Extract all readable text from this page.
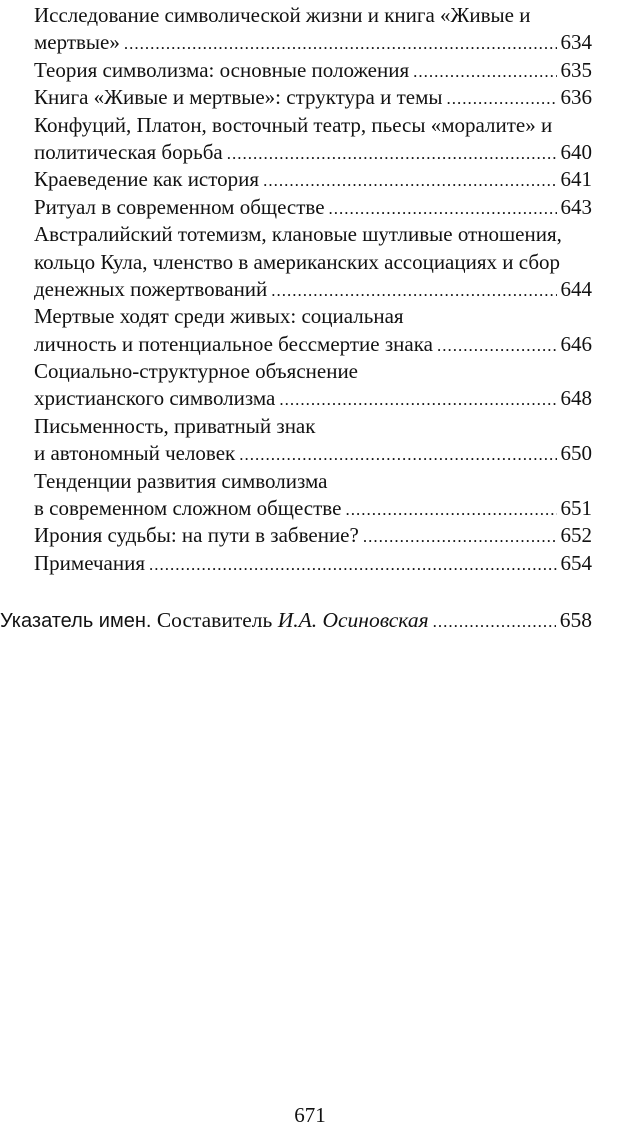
Исследование символической жизни и книга «Живые и
мертвые» .....	634
Теория символизма: основные положения .....	635
Книга «Живые и мертвые»: структура и темы .....	636
Конфуций, Платон, восточный театр, пьесы «моралите» и
политическая борьба .....	640
Краеведение как история .....	641
Ритуал в современном обществе .....	643
Австралийский тотемизм, клановые шутливые отношения,
кольцо Кула, членство в американских ассоциациях и сбор
денежных пожертвований .....	644
Мертвые ходят среди живых: социальная
личность и потенциальное бессмертие знака .....	646
Социально-структурное объяснение
христианского символизма .....	648
Письменность, приватный знак
и автономный человек .....	650
Тенденции развития символизма
в современном сложном обществе .....	651
Ирония судьбы: на пути в забвение? .....	652
Примечания .....	654
Указатель имен. Составитель И.А. Осиновская .....	658
671
